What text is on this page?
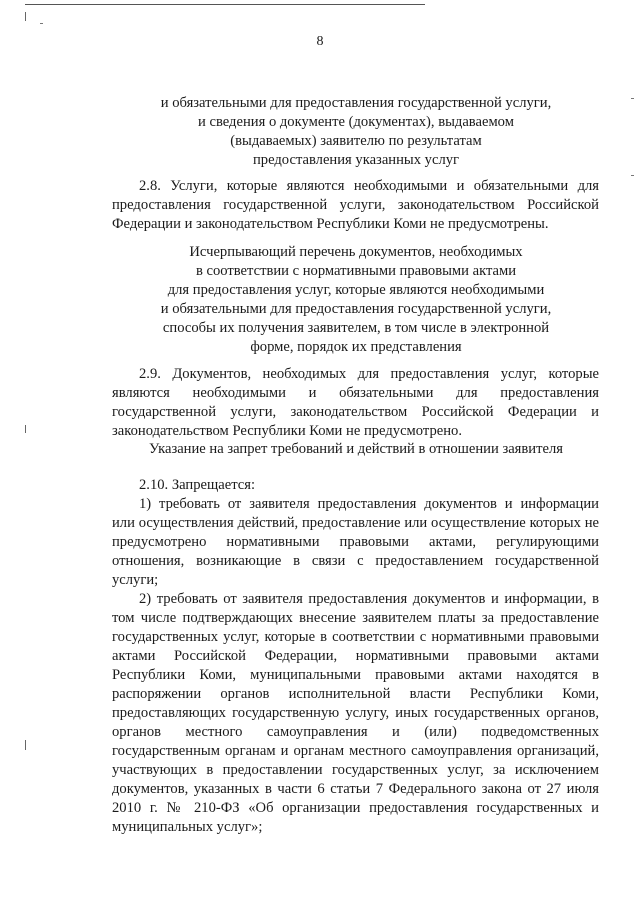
8
и обязательными для предоставления государственной услуги,
и сведения о документе (документах), выдаваемом
(выдаваемых) заявителю по результатам
предоставления указанных услуг
2.8. Услуги, которые являются необходимыми и обязательными для
предоставления государственной услуги, законодательством Российской
Федерации и законодательством Республики Коми не предусмотрены.
Исчерпывающий перечень документов, необходимых
в соответствии с нормативными правовыми актами
для предоставления услуг, которые являются необходимыми
и обязательными для предоставления государственной услуги,
способы их получения заявителем, в том числе в электронной
форме, порядок их представления
2.9. Документов, необходимых для предоставления услуг, которые
являются необходимыми и обязательными для предоставления
государственной услуги, законодательством Российской Федерации и
законодательством Республики Коми не предусмотрено.
Указание на запрет требований и действий в отношении заявителя
2.10. Запрещается:
1) требовать от заявителя предоставления документов и информации
или осуществления действий, предоставление или осуществление которых не
предусмотрено нормативными правовыми актами, регулирующими
отношения, возникающие в связи с предоставлением государственной
услуги;
2) требовать от заявителя предоставления документов и информации, в
том числе подтверждающих внесение заявителем платы за предоставление
государственных услуг, которые в соответствии с нормативными правовыми
актами Российской Федерации, нормативными правовыми актами
Республики Коми, муниципальными правовыми актами находятся в
распоряжении органов исполнительной власти Республики Коми,
предоставляющих государственную услугу, иных государственных органов,
органов местного самоуправления и (или) подведомственных
государственным органам и органам местного самоуправления организаций,
участвующих в предоставлении государственных услуг, за исключением
документов, указанных в части 6 статьи 7 Федерального закона от 27 июля
2010 г. № 210-ФЗ «Об организации предоставления государственных и
муниципальных услуг»;
